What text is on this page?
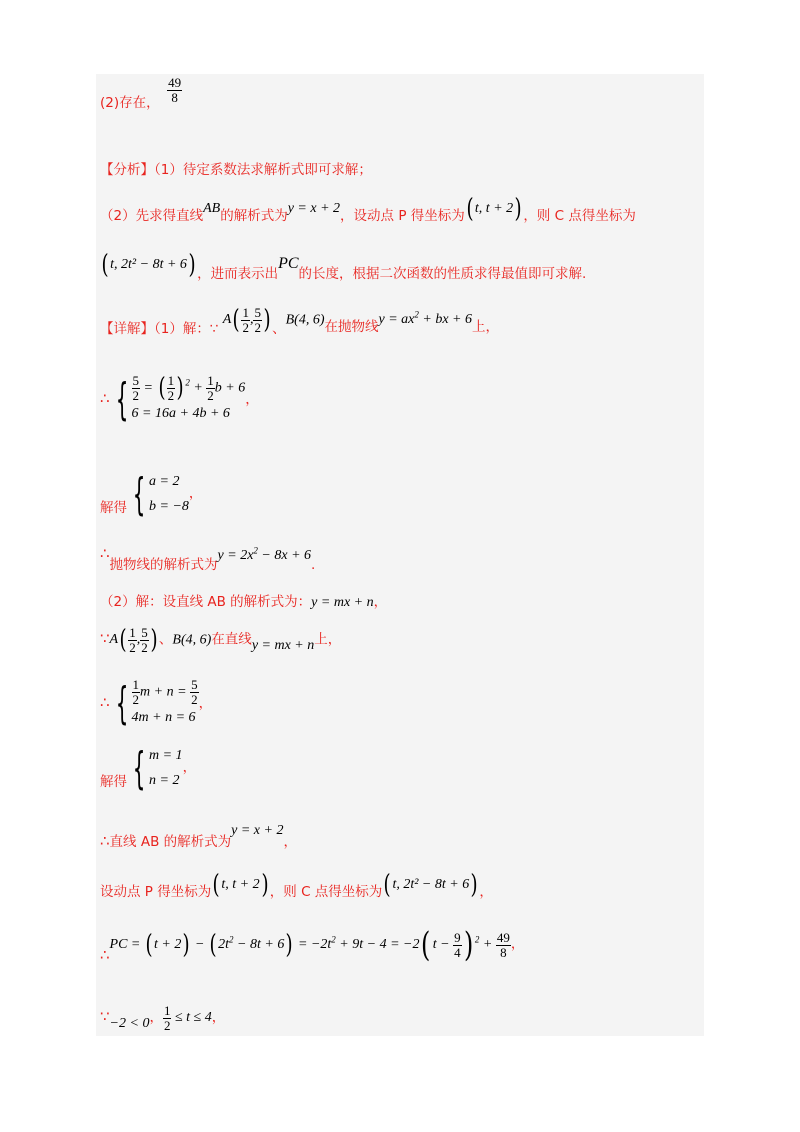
(2)存在， $\frac{49}{8}$
【分析】（1）待定系数法求解析式即可求解；
（2）先求得直线AB的解析式为y = x + 2，设动点 P 得坐标为( t, t + 2) ，则 C 点得坐标为
( t, 2t² − 8t + 6) ，进而表示出PC的长度，根据二次函数的性质求得最值即可求解.
【详解】（1）解：∵ $A( \frac{1}{2}$ , $\frac{5}{2}$ ) 、B(4, 6)在抛物线$y = ax^2$ + bx + 6上，
∴ { $\frac{5}{2}$ = ( $\frac{1}{2}$ ) $^2 + \frac{1}{2}$ b + 6
6 = 16a + 4b + 6
，
解得 { a = 2
b = −8
，
∴抛物线的解析式为$y = 2x^2 - 8x + 6$.
（2）解：设直线 AB 的解析式为：y = mx + n，
∵A( $\frac{1}{2}$ , $\frac{5}{2}$ ) 、B(4, 6)在直线y = mx + n上，
∴ { $\frac{1}{2}$ $m + n = \frac{5}{2}$
4m + n = 6
，
解得 { m = 1
n = 2
，
∴直线 AB 的解析式为y = x + 2，
设动点 P 得坐标为( t, t + 2) ，则 C 点得坐标为( t, 2t² − 8t + 6) ，
∴PC = ( t + 2) − ( $2t^2 - 8t + 6) = -2t^2 + 9t - 4 = -2$( $t - \frac{9}{4}$ ) $^2 + \frac{49}{8}$ ，
∵−2 < 0， $\frac{1}{2} \le t \le 4$，
